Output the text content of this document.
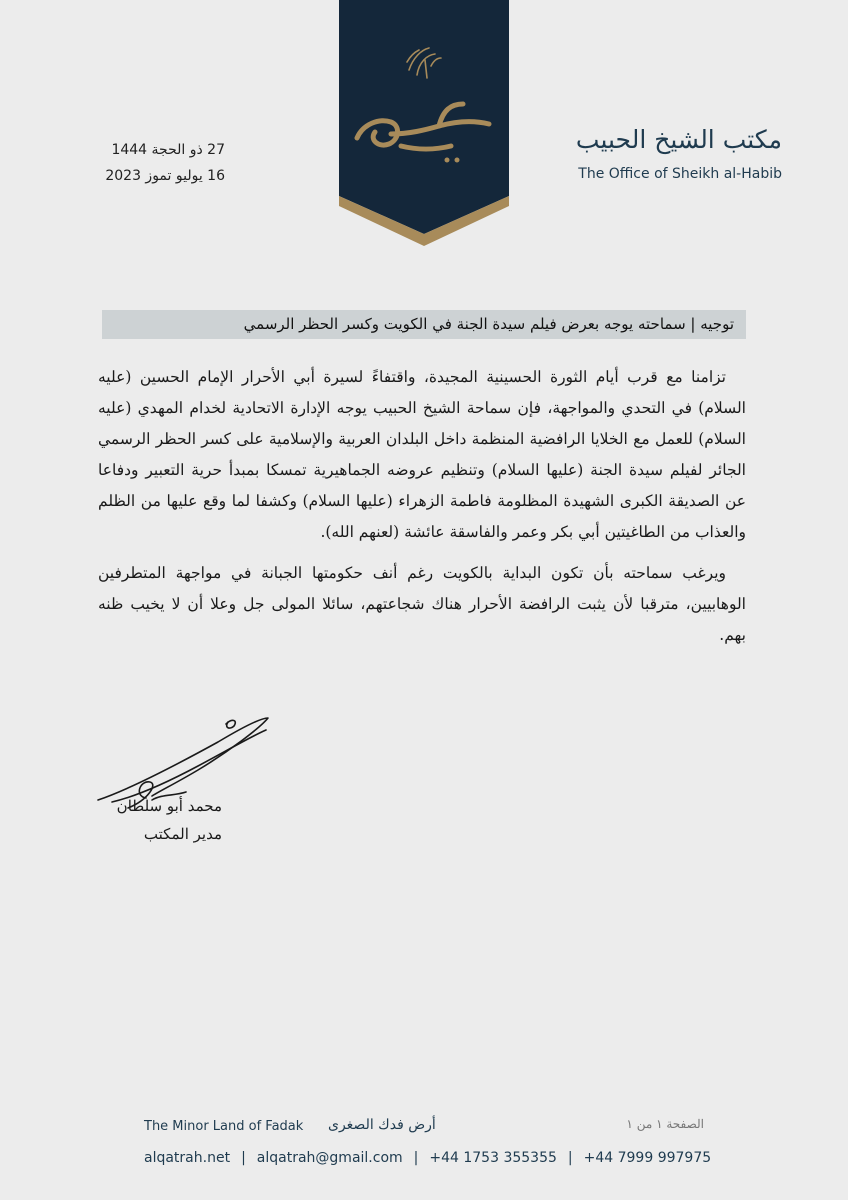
27 ذو الحجة 1444
16 يوليو تموز 2023
مكتب الشيخ الحبيب
The Office of Sheikh al-Habib
توجيه | سماحته يوجه بعرض فيلم سيدة الجنة في الكويت وكسر الحظر الرسمي

تزامنا مع قرب أيام الثورة الحسينية المجيدة، واقتفاءً لسيرة أبي الأحرار الإمام الحسين (عليه السلام) في التحدي والمواجهة، فإن سماحة الشيخ الحبيب يوجه الإدارة الاتحادية لخدام المهدي (عليه السلام) للعمل مع الخلايا الرافضية المنظمة داخل البلدان العربية والإسلامية على كسر الحظر الرسمي الجائر لفيلم سيدة الجنة (عليها السلام) وتنظيم عروضه الجماهيرية تمسكا بمبدأ حرية التعبير ودفاعا عن الصديقة الكبرى الشهيدة المظلومة فاطمة الزهراء (عليها السلام) وكشفا لما وقع عليها من الظلم والعذاب من الطاغيتين أبي بكر وعمر والفاسقة عائشة (لعنهم الله).

ويرغب سماحته بأن تكون البداية بالكويت رغم أنف حكومتها الجبانة في مواجهة المتطرفين الوهابيين، مترقبا لأن يثبت الرافضة الأحرار هناك شجاعتهم، سائلا المولى جل وعلا أن لا يخيب ظنه بهم.

محمد أبو سلطان
مدير المكتب
The Minor Land of Fadak أرض فدك الصغرى	الصفحة ١ من ١
alqatrah.net | alqatrah@gmail.com | +44 1753 355355 | +44 7999 997975
